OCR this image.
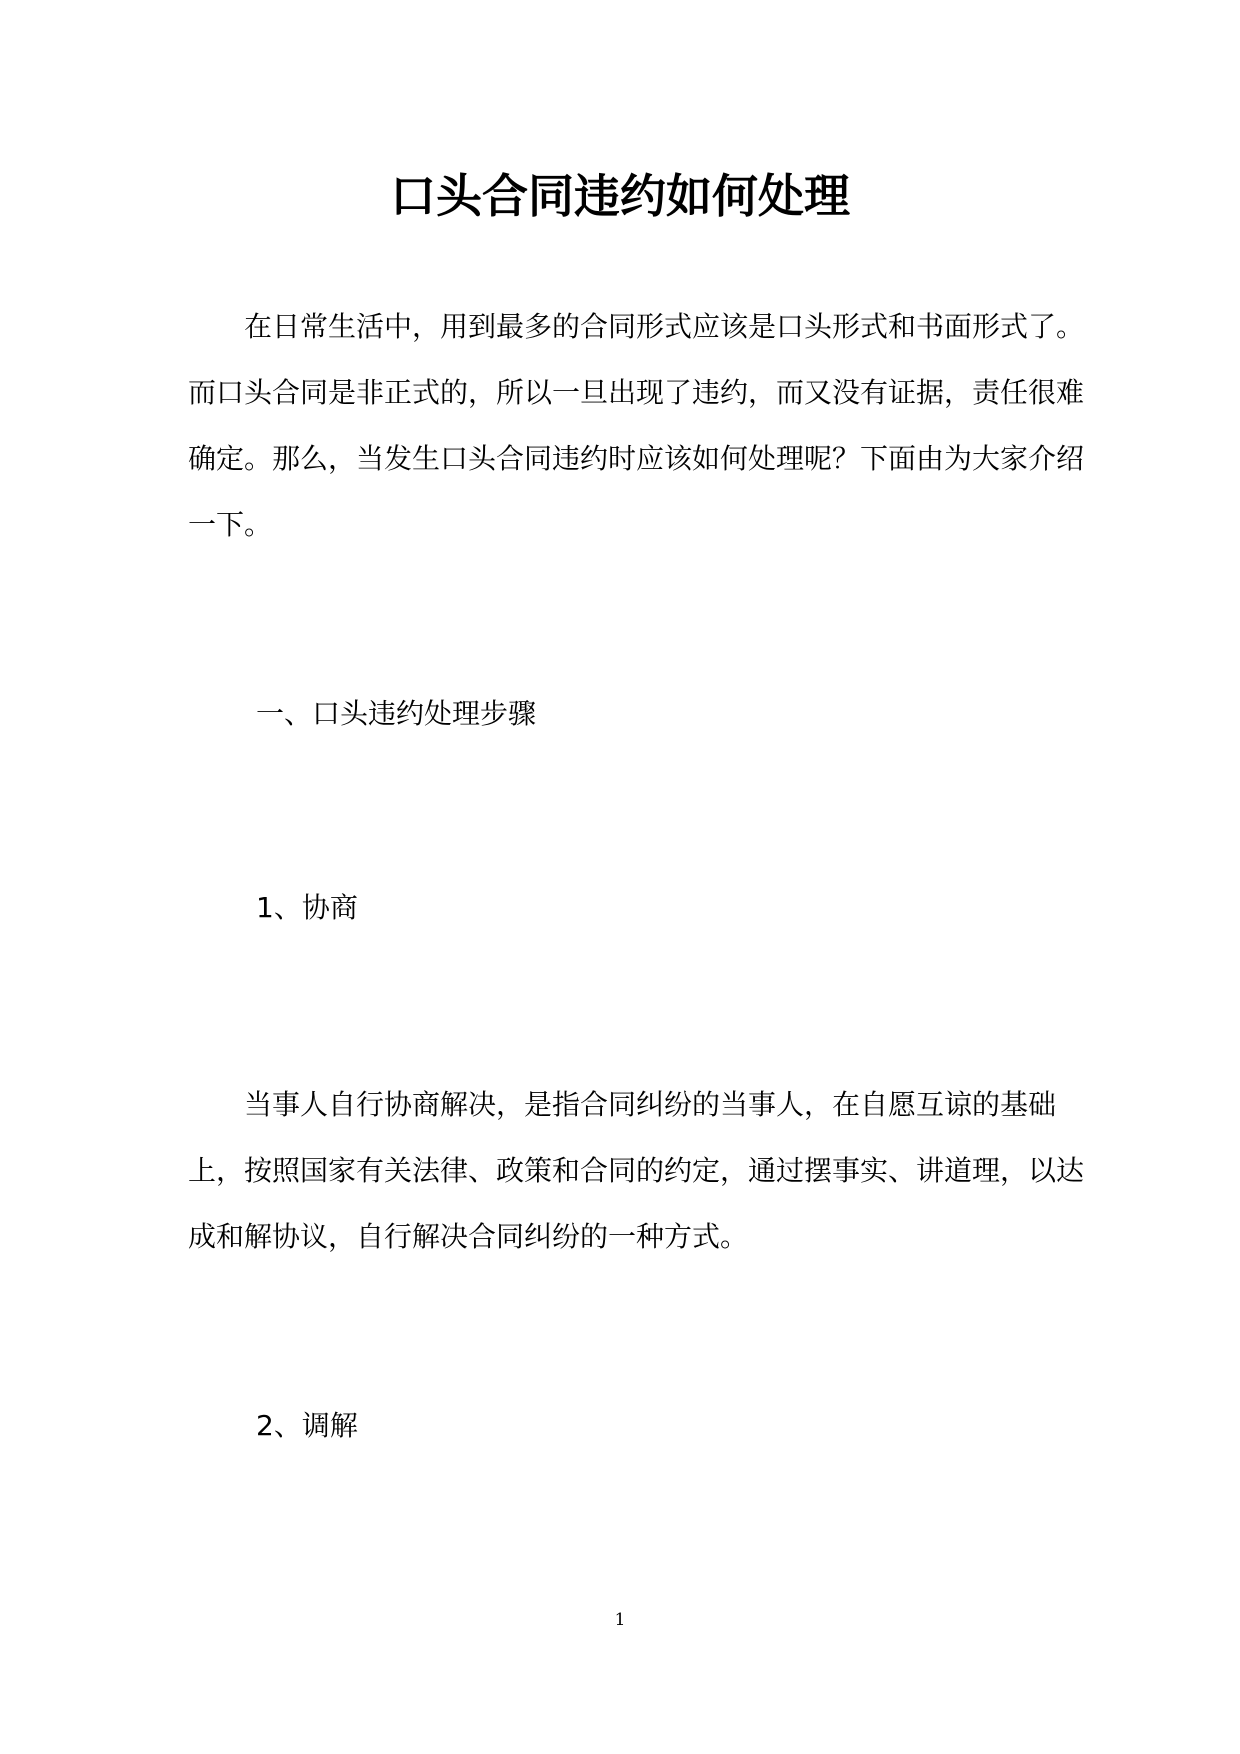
口头合同违约如何处理

在日常生活中，用到最多的合同形式应该是口头形式和书面形式了。而口头合同是非正式的，所以一旦出现了违约，而又没有证据，责任很难确定。那么，当发生口头合同违约时应该如何处理呢？下面由为大家介绍一下。

一、口头违约处理步骤

1、协商

当事人自行协商解决，是指合同纠纷的当事人，在自愿互谅的基础上，按照国家有关法律、政策和合同的约定，通过摆事实、讲道理，以达成和解协议，自行解决合同纠纷的一种方式。

2、调解

1
